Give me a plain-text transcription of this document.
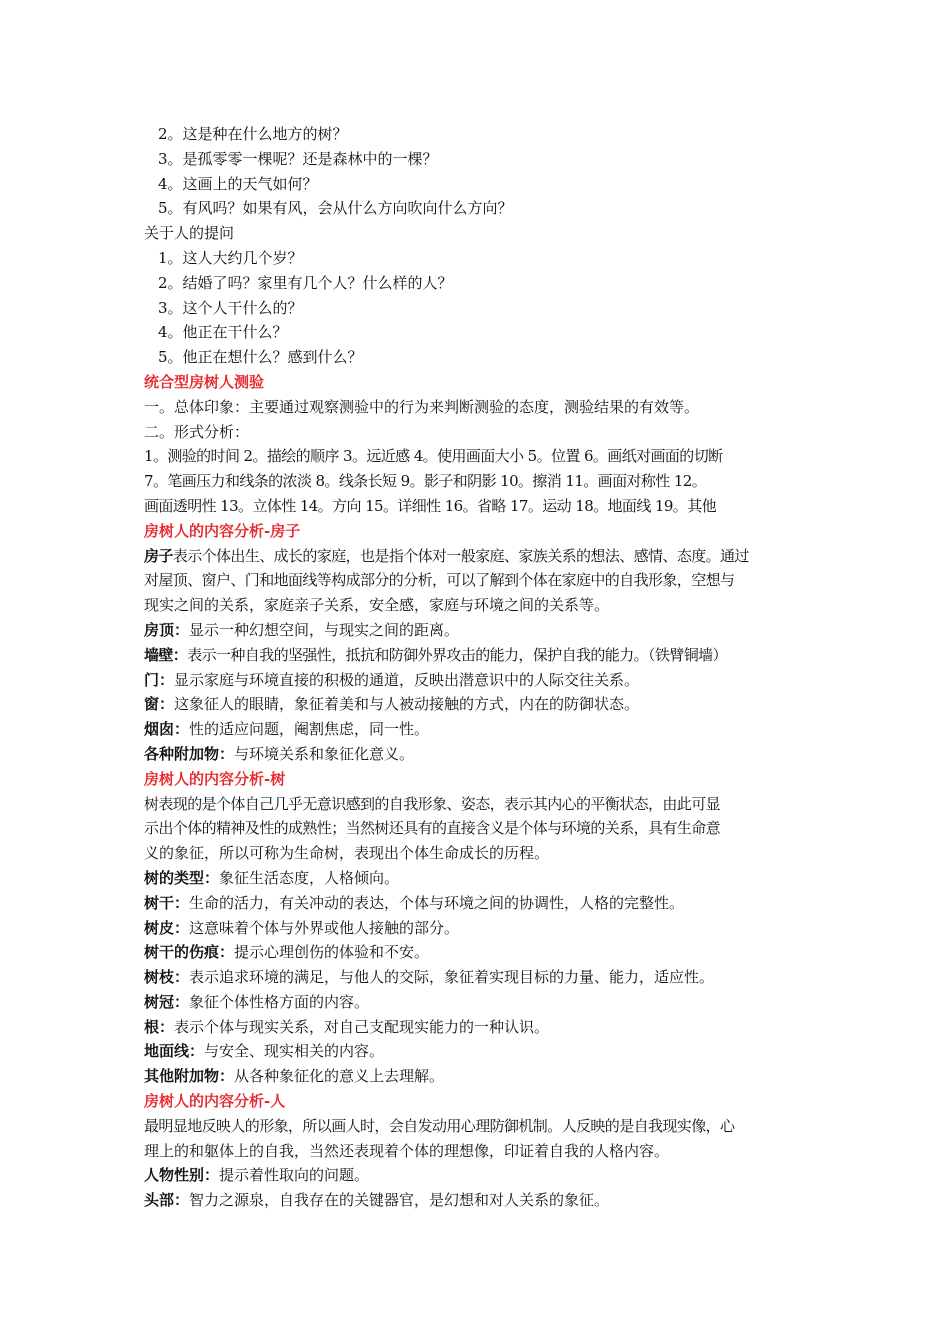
2。这是种在什么地方的树？
3。是孤零零一棵呢？还是森林中的一棵？
4。这画上的天气如何？
5。有风吗？如果有风，会从什么方向吹向什么方向？
关于人的提问
1。这人大约几个岁？
2。结婚了吗？家里有几个人？什么样的人？
3。这个人干什么的？
4。他正在干什么？
5。他正在想什么？感到什么？
统合型房树人测验
一。总体印象：主要通过观察测验中的行为来判断测验的态度，测验结果的有效等。
二。形式分析：
1。测验的时间 2。描绘的顺序 3。远近感 4。使用画面大小 5。位置 6。画纸对画面的切断
7。笔画压力和线条的浓淡 8。线条长短 9。影子和阴影 10。擦消 11。画面对称性 12。
画面透明性 13。立体性 14。方向 15。详细性 16。省略 17。运动 18。地面线 19。其他
房树人的内容分析-房子
房子表示个体出生、成长的家庭，也是指个体对一般家庭、家族关系的想法、感情、态度。通过
对屋顶、窗户、门和地面线等构成部分的分析，可以了解到个体在家庭中的自我形象，空想与
现实之间的关系，家庭亲子关系，安全感，家庭与环境之间的关系等。
房顶：显示一种幻想空间，与现实之间的距离。
墙壁：表示一种自我的坚强性，抵抗和防御外界攻击的能力，保护自我的能力。（铁臂铜墙）
门：显示家庭与环境直接的积极的通道，反映出潜意识中的人际交往关系。
窗：这象征人的眼睛，象征着美和与人被动接触的方式，内在的防御状态。
烟囱：性的适应问题，阉割焦虑，同一性。
各种附加物：与环境关系和象征化意义。
房树人的内容分析-树
树表现的是个体自己几乎无意识感到的自我形象、姿态，表示其内心的平衡状态，由此可显
示出个体的精神及性的成熟性；当然树还具有的直接含义是个体与环境的关系，具有生命意
义的象征，所以可称为生命树，表现出个体生命成长的历程。
树的类型：象征生活态度，人格倾向。
树干：生命的活力，有关冲动的表达，个体与环境之间的协调性，人格的完整性。
树皮：这意味着个体与外界或他人接触的部分。
树干的伤痕：提示心理创伤的体验和不安。
树枝：表示追求环境的满足，与他人的交际，象征着实现目标的力量、能力，适应性。
树冠：象征个体性格方面的内容。
根：表示个体与现实关系，对自己支配现实能力的一种认识。
地面线：与安全、现实相关的内容。
其他附加物：从各种象征化的意义上去理解。
房树人的内容分析-人
最明显地反映人的形象，所以画人时，会自发动用心理防御机制。人反映的是自我现实像，心
理上的和躯体上的自我，当然还表现着个体的理想像，印证着自我的人格内容。
人物性别：提示着性取向的问题。
头部：智力之源泉，自我存在的关键器官，是幻想和对人关系的象征。
